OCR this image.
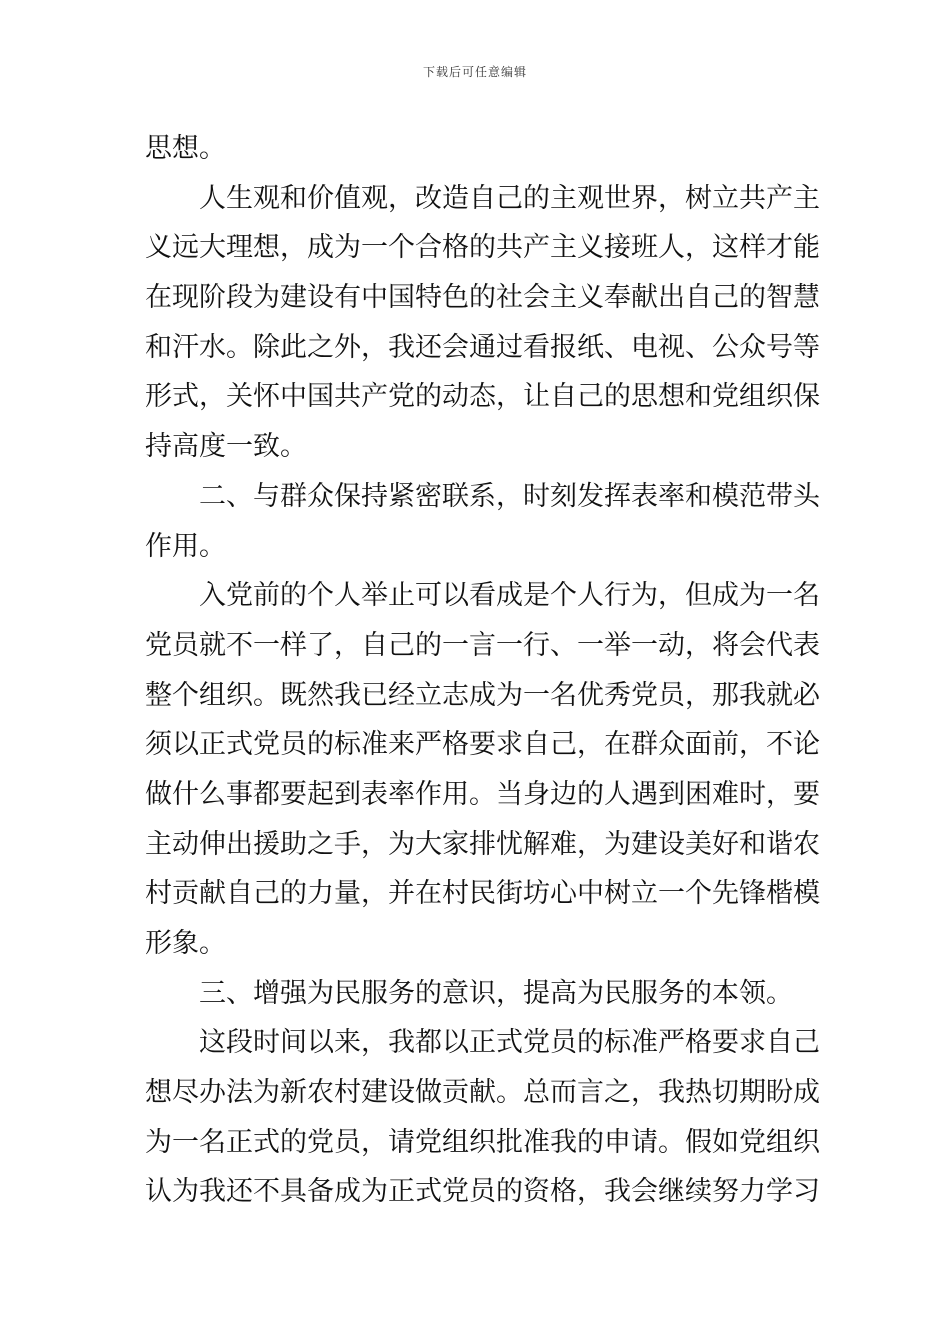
下载后可任意编辑
思想。
人生观和价值观，改造自己的主观世界，树立共产主
义远大理想，成为一个合格的共产主义接班人，这样才能
在现阶段为建设有中国特色的社会主义奉献出自己的智慧
和汗水。除此之外，我还会通过看报纸、电视、公众号等
形式，关怀中国共产党的动态，让自己的思想和党组织保
持高度一致。
二、与群众保持紧密联系，时刻发挥表率和模范带头
作用。
入党前的个人举止可以看成是个人行为，但成为一名
党员就不一样了，自己的一言一行、一举一动，将会代表
整个组织。既然我已经立志成为一名优秀党员，那我就必
须以正式党员的标准来严格要求自己，在群众面前，不论
做什么事都要起到表率作用。当身边的人遇到困难时，要
主动伸出援助之手，为大家排忧解难，为建设美好和谐农
村贡献自己的力量，并在村民街坊心中树立一个先锋楷模
形象。
三、增强为民服务的意识，提高为民服务的本领。
这段时间以来，我都以正式党员的标准严格要求自己
想尽办法为新农村建设做贡献。总而言之，我热切期盼成
为一名正式的党员，请党组织批准我的申请。假如党组织
认为我还不具备成为正式党员的资格，我会继续努力学习
